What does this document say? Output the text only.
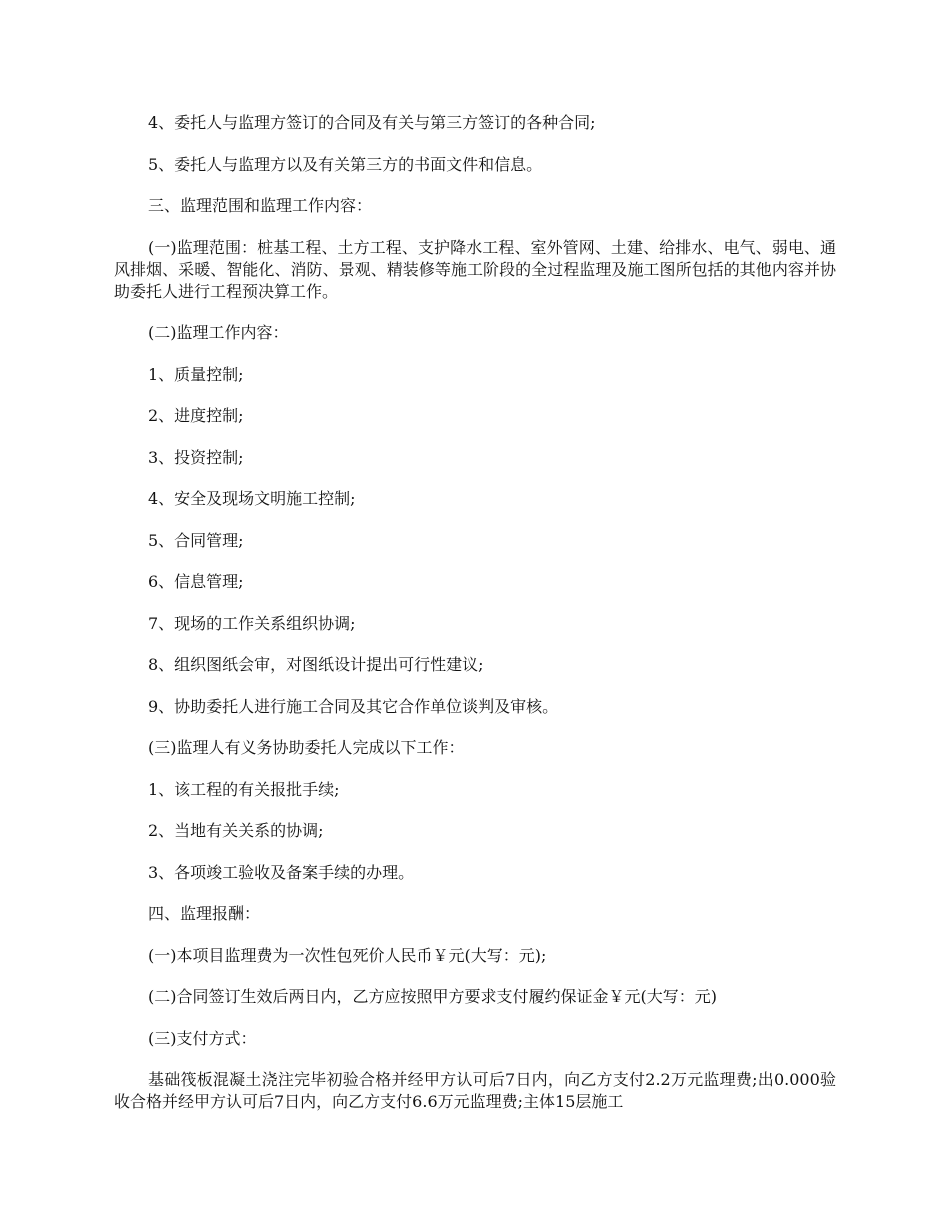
4、委托人与监理方签订的合同及有关与第三方签订的各种合同;

5、委托人与监理方以及有关第三方的书面文件和信息。

三、监理范围和监理工作内容：

(一)监理范围：桩基工程、土方工程、支护降水工程、室外管网、土建、给排水、电气、弱电、通风排烟、采暖、智能化、消防、景观、精装修等施工阶段的全过程监理及施工图所包括的其他内容并协助委托人进行工程预决算工作。

(二)监理工作内容：

1、质量控制;

2、进度控制;

3、投资控制;

4、安全及现场文明施工控制;

5、合同管理;

6、信息管理;

7、现场的工作关系组织协调;

8、组织图纸会审，对图纸设计提出可行性建议;

9、协助委托人进行施工合同及其它合作单位谈判及审核。

(三)监理人有义务协助委托人完成以下工作：

1、该工程的有关报批手续;

2、当地有关关系的协调;

3、各项竣工验收及备案手续的办理。

四、监理报酬：

(一)本项目监理费为一次性包死价人民币￥元(大写：元);

(二)合同签订生效后两日内，乙方应按照甲方要求支付履约保证金￥元(大写：元)

(三)支付方式：

基础筏板混凝土浇注完毕初验合格并经甲方认可后7日内，向乙方支付2.2万元监理费;出0.000验收合格并经甲方认可后7日内，向乙方支付6.6万元监理费;主体15层施工
